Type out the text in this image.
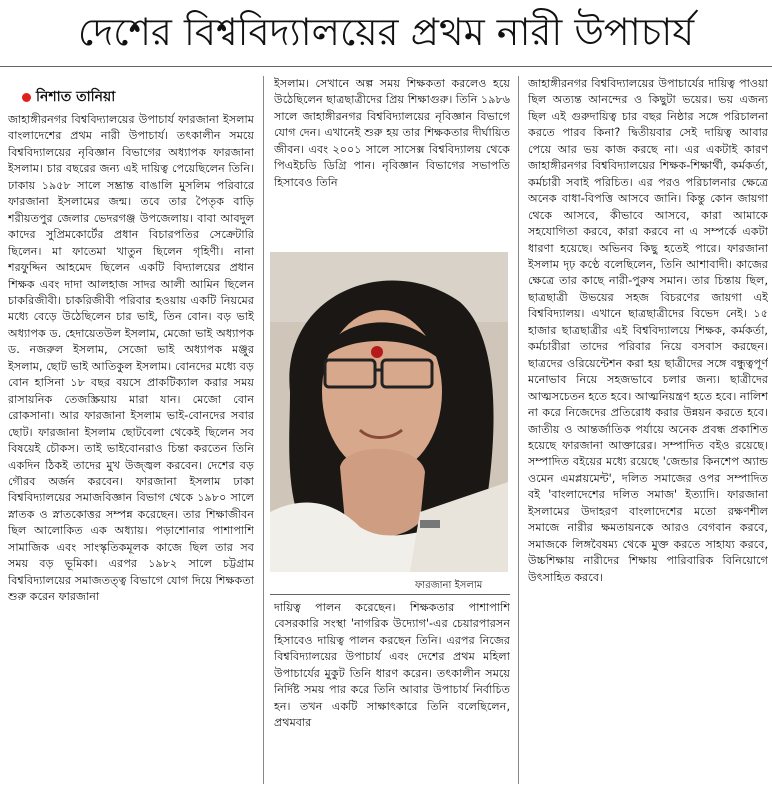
দেশের বিশ্ববিদ্যালয়ের প্রথম নারী উপাচার্য
নিশাত তানিয়া

জাহাঙ্গীরনগর বিশ্ববিদ্যালয়ের উপাচার্য ফারজানা ইসলাম বাংলাদেশের প্রথম নারী উপাচার্য। তৎকালীন সময়ে বিশ্ববিদ্যালয়ের নৃবিজ্ঞান বিভাগের অধ্যাপক ফারজানা ইসলাম। চার বছরের জন্য এই দায়িত্ব পেয়েছিলেন তিনি। ঢাকায় ১৯৫৮ সালে সম্ভ্রান্ত বাঙালি মুসলিম পরিবারে ফারজানা ইসলামের জন্ম। তবে তার পৈতৃক বাড়ি শরীয়তপুর জেলার ভেদরগঞ্জ উপজেলায়। বাবা আবদুল কাদের সুপ্রিমকোর্টের প্রধান বিচারপতির সেক্রেটারি ছিলেন। মা ফাতেমা খাতুন ছিলেন গৃহিণী। নানা শরফুদ্দিন আহমেদ ছিলেন একটি বিদ্যালয়ের প্রধান শিক্ষক এবং দাদা আলহাজ সাদর আলী আমিন ছিলেন চাকরিজীবী। চাকরিজীবী পরিবার হওয়ায় একটি নিয়মের মধ্যে বেড়ে উঠেছিলেন চার ভাই, তিন বোন। বড় ভাই অধ্যাপক ড. হেদায়েতউল ইসলাম, মেজো ভাই অধ্যাপক ড. নজরুল ইসলাম, সেজো ভাই অধ্যাপক মঞ্জুর ইসলাম, ছোট ভাই আতিকুল ইসলাম। বোনদের মধ্যে বড় বোন হাসিনা ১৮ বছর বয়সে প্রাকটিক্যাল করার সময় রাসায়নিক তেজস্ক্রিয়ায় মারা যান। মেজো বোন রোকসানা। আর ফারজানা ইসলাম ভাই-বোনদের সবার ছোট। ফারজানা ইসলাম ছোটবেলা থেকেই ছিলেন সব বিষয়েই চৌকস। তাই ভাইবোনরাও চিন্তা করতেন তিনি একদিন ঠিকই তাদের মুখ উজ্জ্বল করবেন। দেশের বড় গৌরব অর্জন করবেন। ফারজানা ইসলাম ঢাকা বিশ্ববিদ্যালয়ের সমাজবিজ্ঞান বিভাগ থেকে ১৯৮০ সালে স্নাতক ও স্নাতকোত্তর সম্পন্ন করেছেন। তার শিক্ষাজীবন ছিল আলোকিত এক অধ্যায়। পড়াশোনার পাশাপাশি সামাজিক এবং সাংস্কৃতিকমূলক কাজে ছিল তার সব সময় বড় ভূমিকা। এরপর ১৯৮২ সালে চট্টগ্রাম বিশ্ববিদ্যালয়ের সমাজতত্ত্ব বিভাগে যোগ দিয়ে শিক্ষকতা শুরু করেন ফারজানা

ইসলাম। সেখানে অল্প সময় শিক্ষকতা করলেও হয়ে উঠেছিলেন ছাত্রছাত্রীদের প্রিয় শিক্ষাগুরু। তিনি ১৯৮৬ সালে জাহাঙ্গীরনগর বিশ্ববিদ্যালয়ের নৃবিজ্ঞান বিভাগে যোগ দেন। এখানেই শুরু হয় তার শিক্ষকতার দীর্ঘায়িত জীবন। এবং ২০০১ সালে সাসেক্স বিশ্ববিদ্যালয় থেকে পিএইচডি ডিগ্রি পান। নৃবিজ্ঞান বিভাগের সভাপতি হিসাবেও তিনি

ফারজানা ইসলাম

দায়িত্ব পালন করেছেন। শিক্ষকতার পাশাপাশি বেসরকারি সংস্থা 'নাগরিক উদ্যোগ'-এর চেয়ারপারসন হিসাবেও দায়িত্ব পালন করছেন তিনি। এরপর নিজের বিশ্ববিদ্যালয়ের উপাচার্য এবং দেশের প্রথম মহিলা উপাচার্যের মুকুট তিনি ধারণ করেন। তৎকালীন সময়ে নির্দিষ্ট সময় পার করে তিনি আবার উপাচার্য নির্বাচিত হন। তখন একটি সাক্ষাৎকারে তিনি বলেছিলেন, প্রথমবার

জাহাঙ্গীরনগর বিশ্ববিদ্যালয়ের উপাচার্যের দায়িত্ব পাওয়া ছিল অত্যন্ত আনন্দের ও কিছুটা ভয়ের। ভয় এজন্য ছিল এই গুরুদায়িত্ব চার বছর নিষ্ঠার সঙ্গে পরিচালনা করতে পারব কিনা? দ্বিতীয়বার সেই দায়িত্ব আবার পেয়ে আর ভয় কাজ করছে না। এর একটাই কারণ জাহাঙ্গীরনগর বিশ্ববিদ্যালয়ের শিক্ষক-শিক্ষার্থী, কর্মকর্তা, কর্মচারী সবাই পরিচিত। এর পরও পরিচালনার ক্ষেত্রে অনেক বাধা-বিপত্তি আসবে জানি। কিন্তু কোন জায়গা থেকে আসবে, কীভাবে আসবে, কারা আমাকে সহযোগিতা করবে, কারা করবে না এ সম্পর্কে একটা ধারণা হয়েছে। অভিনব কিছু হতেই পারে। ফারজানা ইসলাম দৃঢ় কণ্ঠে বলেছিলেন, তিনি আশাবাদী। কাজের ক্ষেত্রে তার কাছে নারী-পুরুষ সমান। তার চিন্তায় ছিল, ছাত্রছাত্রী উভয়ের সহজ বিচরণের জায়গা এই বিশ্ববিদ্যালয়। এখানে ছাত্রছাত্রীদের বিভেদ নেই। ১৫ হাজার ছাত্রছাত্রীর এই বিশ্ববিদ্যালয়ে শিক্ষক, কর্মকর্তা, কর্মচারীরা তাদের পরিবার নিয়ে বসবাস করছেন। ছাত্রদের ওরিয়েন্টেশন করা হয় ছাত্রীদের সঙ্গে বন্ধুত্বপূর্ণ মনোভাব নিয়ে সহজভাবে চলার জন্য। ছাত্রীদের আত্মসচেতন হতে হবে। আত্মনিয়ন্ত্রণ হতে হবে। নালিশ না করে নিজেদের প্রতিরোধ করার উন্নয়ন করতে হবে। জাতীয় ও আন্তর্জাতিক পর্যায়ে অনেক প্রবন্ধ প্রকাশিত হয়েছে ফারজানা আক্তারের। সম্পাদিত বইও রয়েছে। সম্পাদিত বইয়ের মধ্যে রয়েছে 'জেন্ডার কিনশেপ অ্যান্ড ওমেন এমপ্লয়মেন্ট', দলিত সমাজের ওপর সম্পাদিত বই 'বাংলাদেশের দলিত সমাজ' ইত্যাদি। ফারজানা ইসলামের উদাহরণ বাংলাদেশের মতো রক্ষণশীল সমাজে নারীর ক্ষমতায়নকে আরও বেগবান করবে, সমাজকে লিঙ্গবৈষম্য থেকে মুক্ত করতে সাহায্য করবে, উচ্চশিক্ষায় নারীদের শিক্ষায় পারিবারিক বিনিয়োগে উৎসাহিত করবে।
